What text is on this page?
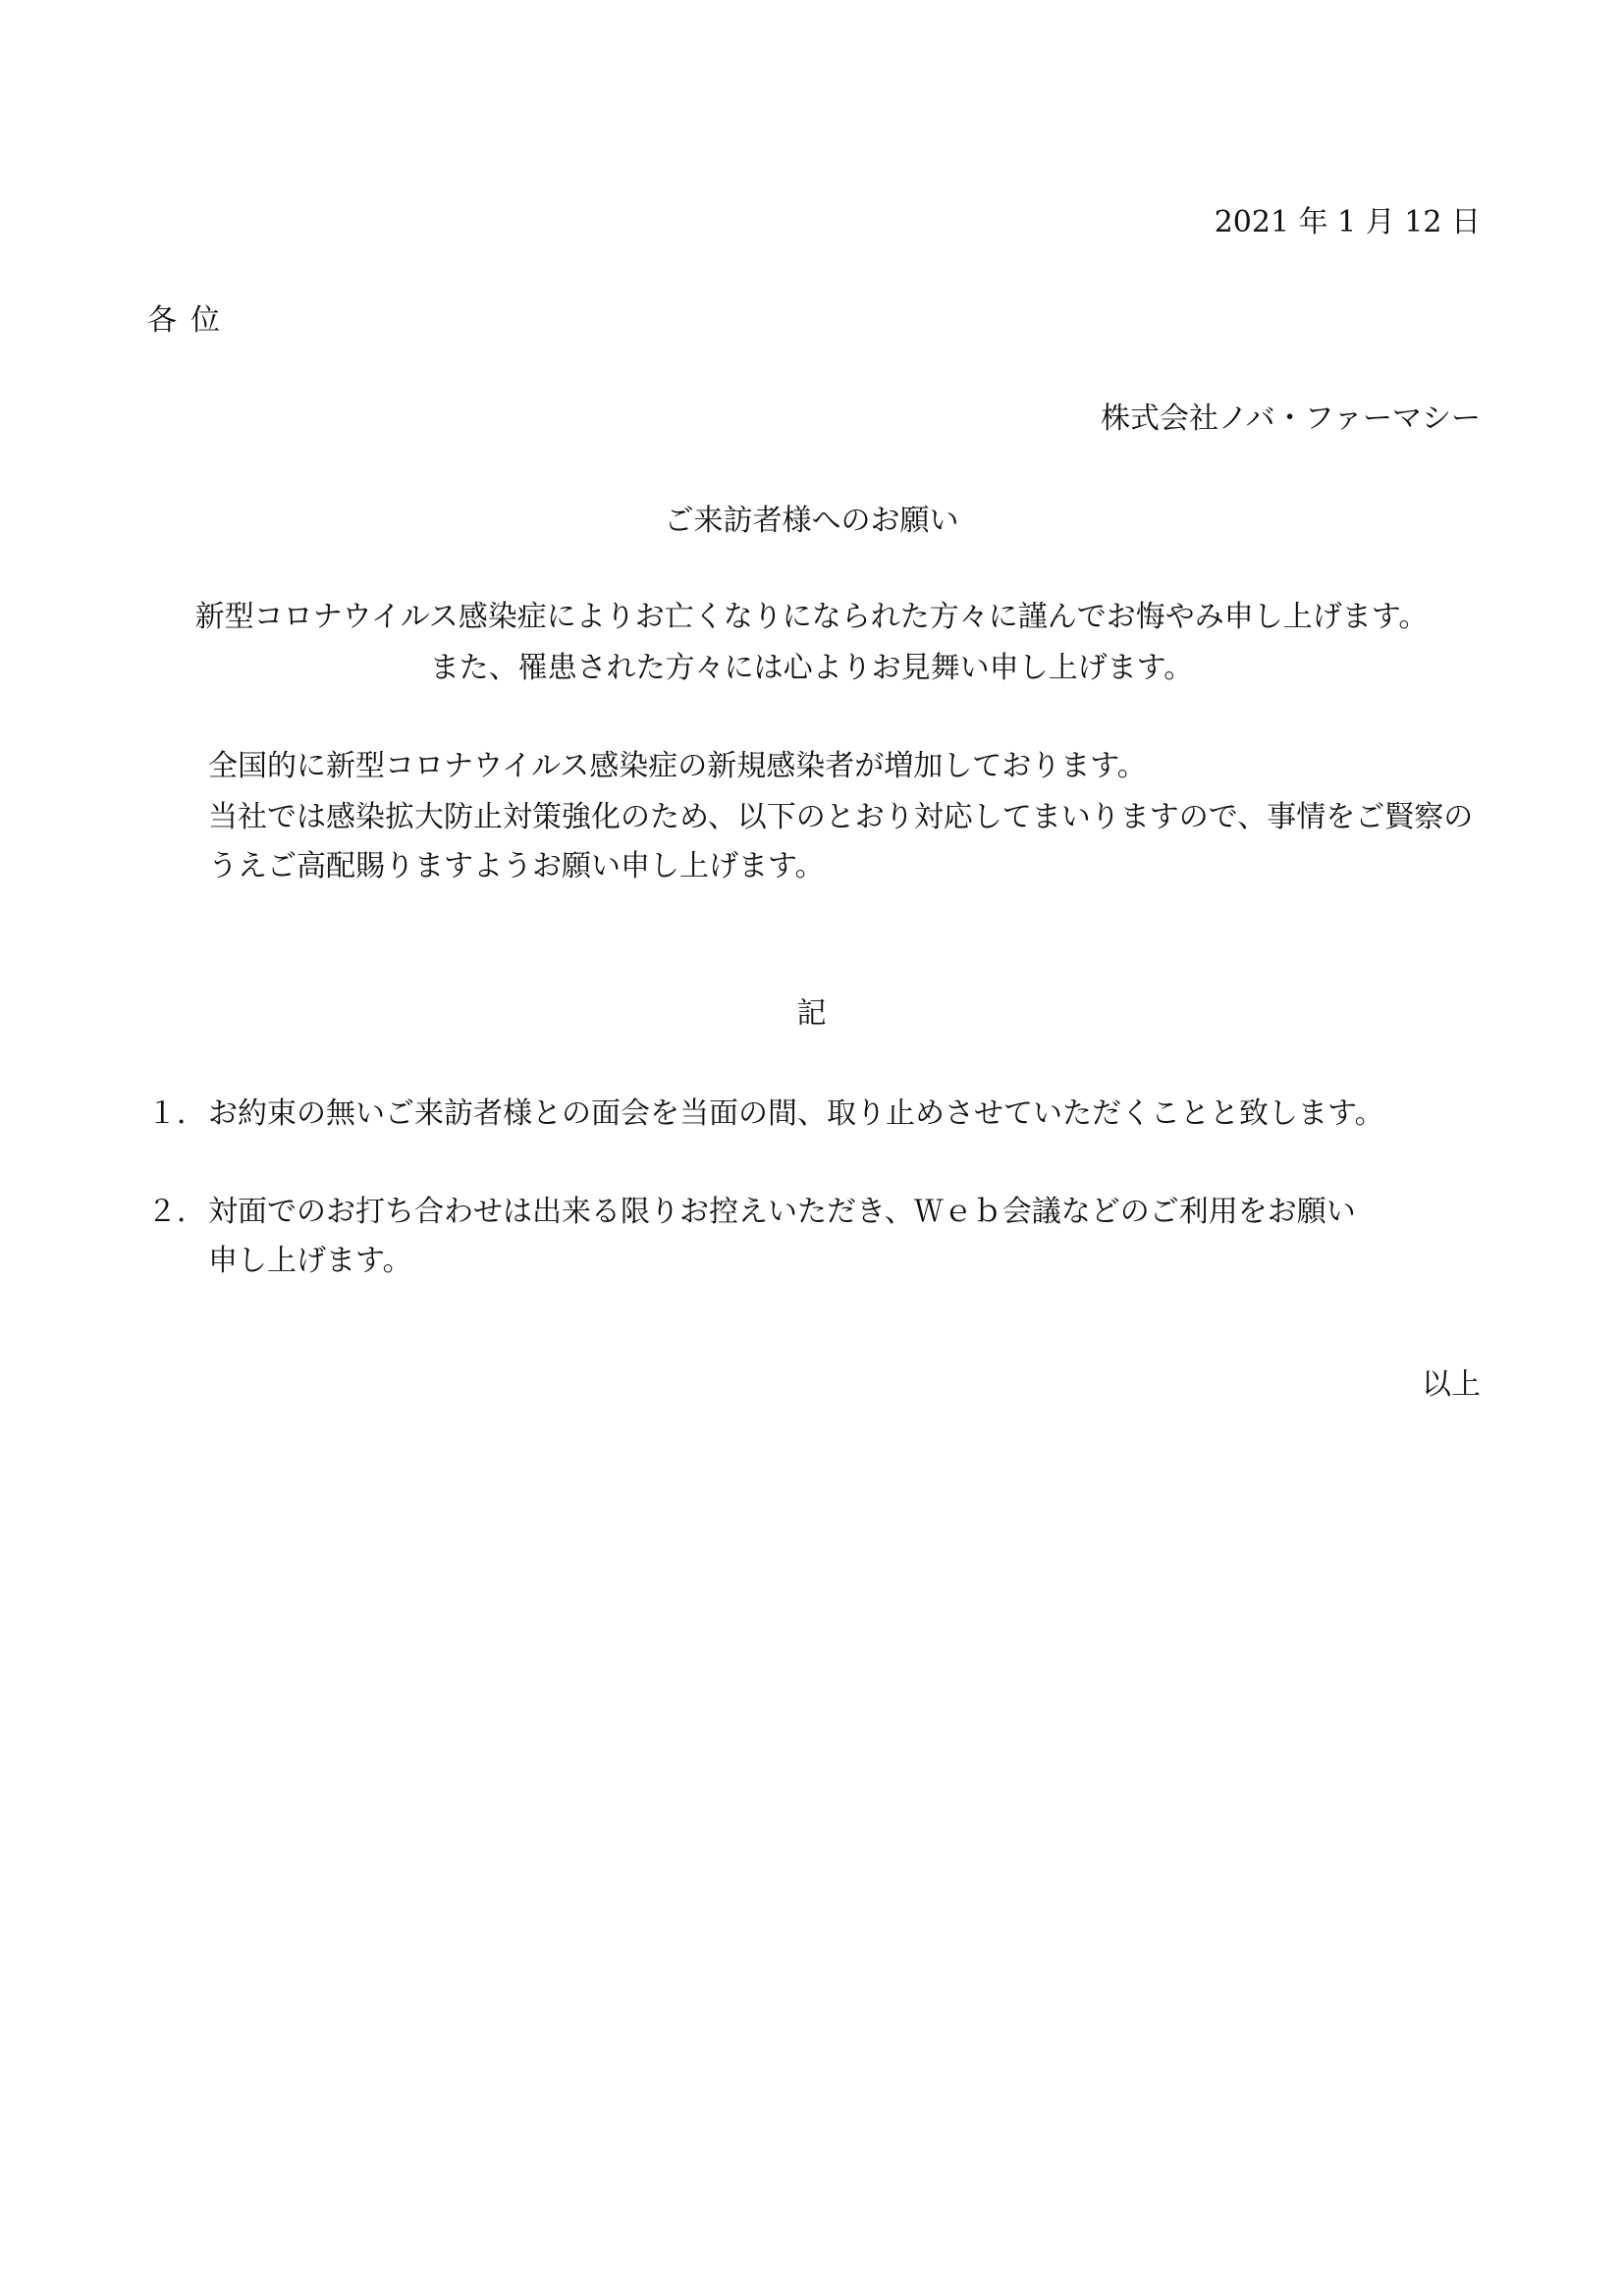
2021 年 1 月 12 日
各位
株式会社ノバ・ファーマシー
ご来訪者様へのお願い
新型コロナウイルス感染症によりお亡くなりになられた方々に謹んでお悔やみ申し上げます。
また、罹患された方々には心よりお見舞い申し上げます。
全国的に新型コロナウイルス感染症の新規感染者が増加しております。
当社では感染拡大防止対策強化のため、以下のとおり対応してまいりますので、事情をご賢察の
うえご高配賜りますようお願い申し上げます。
記
１． お約束の無いご来訪者様との面会を当面の間、取り止めさせていただくことと致します。
２． 対面でのお打ち合わせは出来る限りお控えいただき、Ｗｅｂ会議などのご利用をお願い
申し上げます。
以上
